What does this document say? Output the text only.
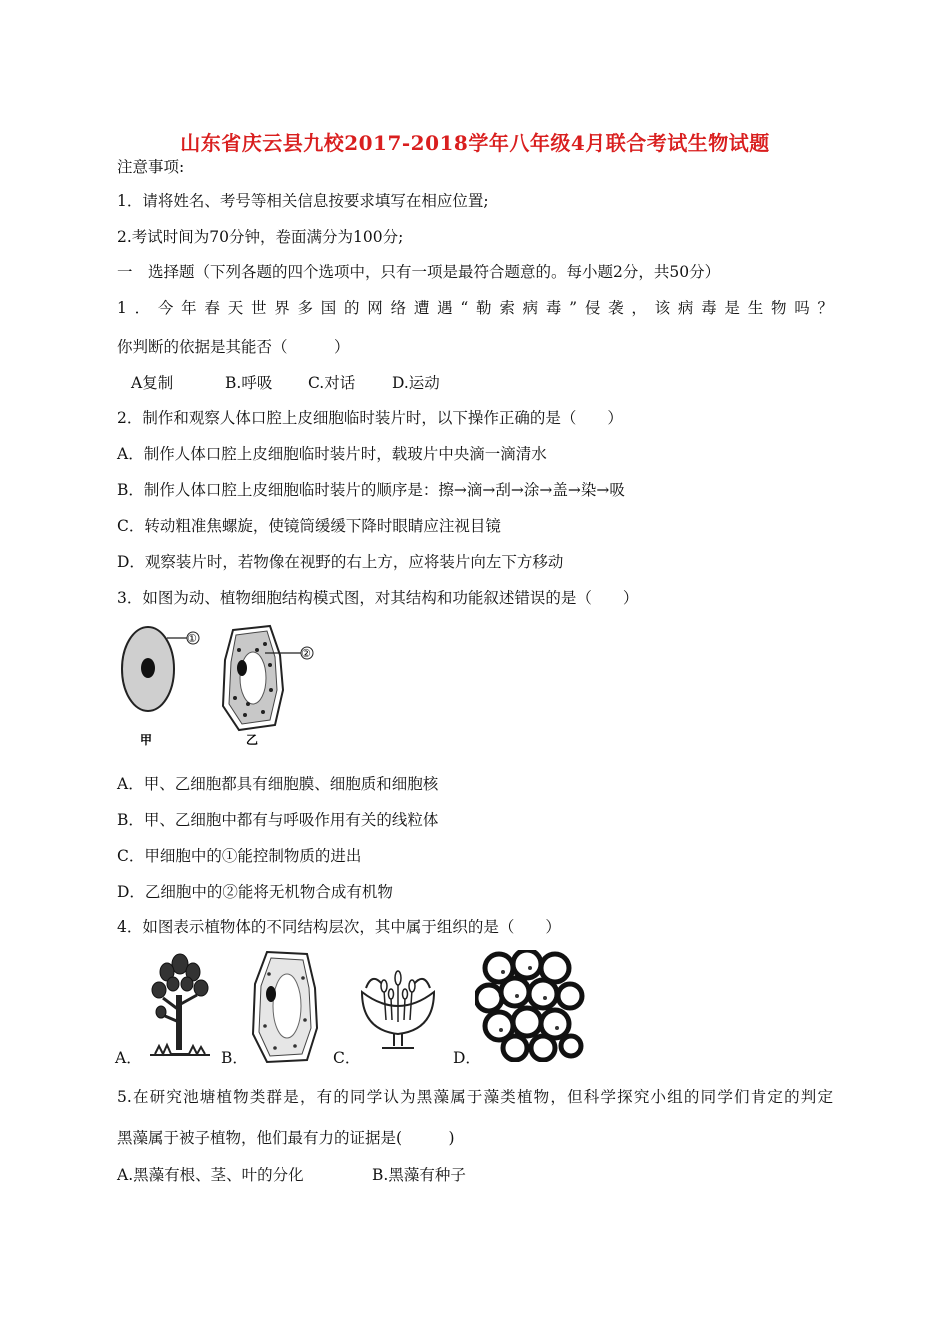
山东省庆云县九校2017-2018学年八年级4月联合考试生物试题
注意事项:
1．请将姓名、考号等相关信息按要求填写在相应位置;
2.考试时间为70分钟，卷面满分为100分;
一　选择题（下列各题的四个选项中，只有一项是最符合题意的。每小题2分，共50分）
1．今年春天世界多国的网络遭遇“勒索病毒”侵袭，该病毒是生物吗？
你判断的依据是其能否（　　　）
A复制	B.呼吸 C.对话 D.运动
2．制作和观察人体口腔上皮细胞临时装片时，以下操作正确的是（　　）
A．制作人体口腔上皮细胞临时装片时，载玻片中央滴一滴清水
B．制作人体口腔上皮细胞临时装片的顺序是：擦→滴→刮→涂→盖→染→吸
C．转动粗准焦螺旋，使镜筒缓缓下降时眼睛应注视目镜
D．观察装片时，若物像在视野的右上方，应将装片向左下方移动
3．如图为动、植物细胞结构模式图，对其结构和功能叙述错误的是（　　）
①
②
甲	乙
A．甲、乙细胞都具有细胞膜、细胞质和细胞核
B．甲、乙细胞中都有与呼吸作用有关的线粒体
C．甲细胞中的①能控制物质的进出
D．乙细胞中的②能将无机物合成有机物
4．如图表示植物体的不同结构层次，其中属于组织的是（　　）
A．	B．	C．	D．
5.在研究池塘植物类群是，有的同学认为黑藻属于藻类植物，但科学探究小组的同学们肯定的判定
黑藻属于被子植物，他们最有力的证据是(　　　)
A.黑藻有根、茎、叶的分化	B.黑藻有种子
